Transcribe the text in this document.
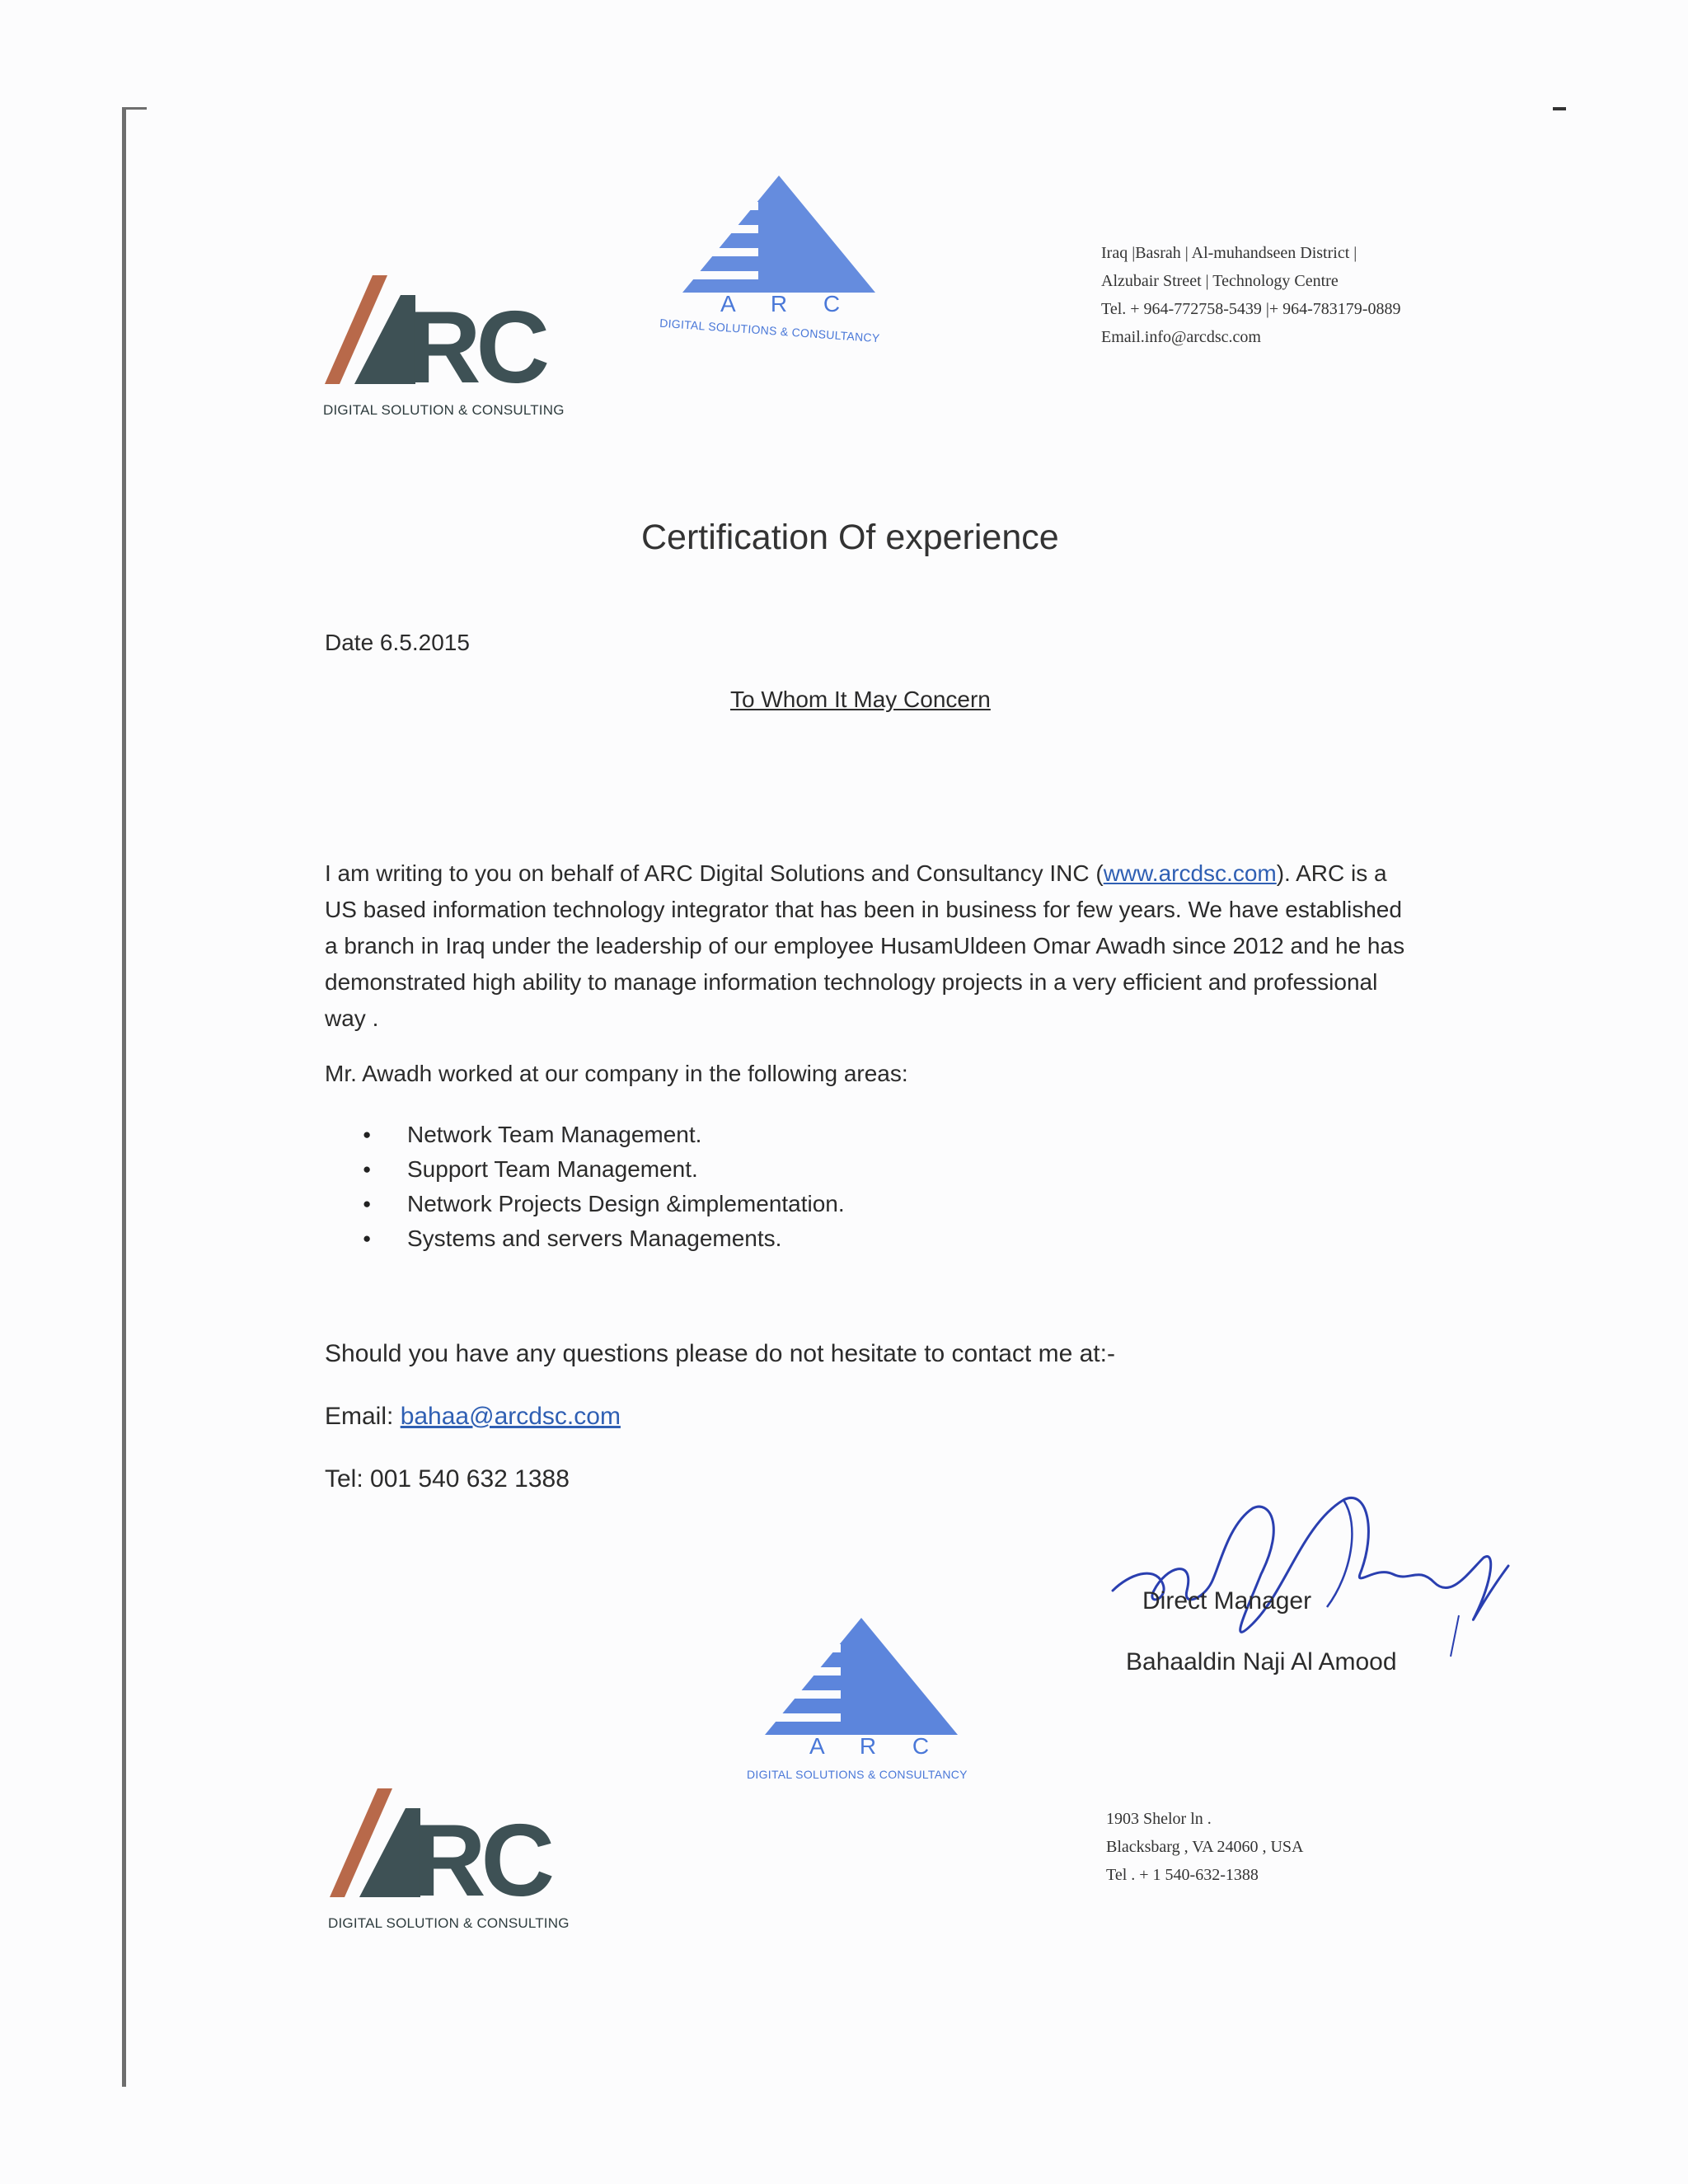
RC
DIGITAL SOLUTION & CONSULTING
A R C
DIGITAL SOLUTIONS & CONSULTANCY
Iraq |Basrah | Al-muhandseen District |
Alzubair Street | Technology Centre
Tel. + 964-772758-5439 |+ 964-783179-0889
Email.info@arcdsc.com
Certification Of experience
Date 6.5.2015
To Whom It May Concern

I am writing to you on behalf of ARC Digital Solutions and Consultancy INC (www.arcdsc.com). ARC is a US based information technology integrator that has been in business for few years. We have established a branch in Iraq under the leadership of our employee HusamUldeen Omar Awadh since 2012 and he has demonstrated high ability to manage information technology projects in a very efficient and professional way .

Mr. Awadh worked at our company in the following areas:
● Network Team Management.
● Support Team Management.
● Network Projects Design &implementation.
● Systems and servers Managements.
Should you have any questions please do not hesitate to contact me at:-
Email: bahaa@arcdsc.com
Tel: 001 540 632 1388
Direct Manager
Bahaaldin Naji Al Amood
A R C
DIGITAL SOLUTIONS & CONSULTANCY
RC
DIGITAL SOLUTION & CONSULTING
1903 Shelor ln .
Blacksbarg , VA 24060 , USA
Tel . + 1 540-632-1388
